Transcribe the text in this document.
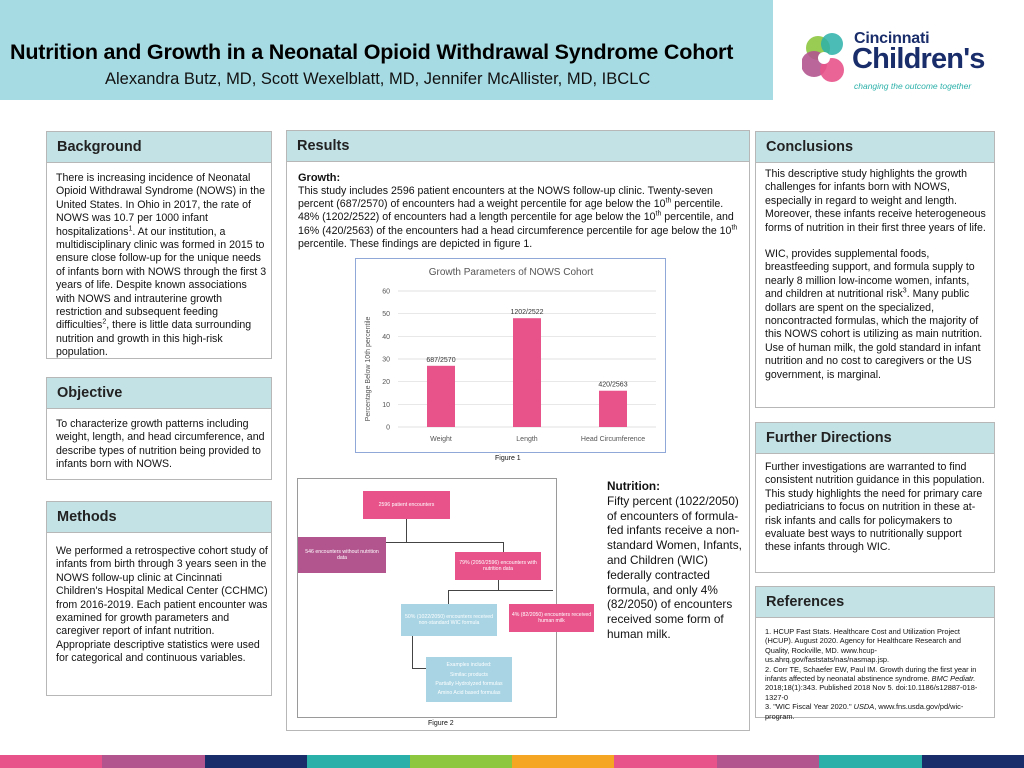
Nutrition and Growth in a Neonatal Opioid Withdrawal Syndrome Cohort
Alexandra Butz, MD, Scott Wexelblatt, MD, Jennifer McAllister, MD, IBCLC
Cincinnati
Children's
changing the outcome together
Background
There is increasing incidence of Neonatal Opioid Withdrawal Syndrome (NOWS) in the United States. In Ohio in 2017, the rate of NOWS was 10.7 per 1000 infant hospitalizations$^1$. At our institution, a multidisciplinary clinic was formed in 2015 to ensure close follow-up for the unique needs of infants born with NOWS through the first 3 years of life. Despite known associations with NOWS and intrauterine growth restriction and subsequent feeding difficulties$^2$, there is little data surrounding nutrition and growth in this high-risk population.
Objective
To characterize growth patterns including weight, length, and head circumference, and describe types of nutrition being provided to infants born with NOWS.
Methods
We performed a retrospective cohort study of infants from birth through 3 years seen in the NOWS follow-up clinic at Cincinnati Children's Hospital Medical Center (CCHMC) from 2016-2019. Each patient encounter was examined for growth parameters and caregiver report of infant nutrition. Appropriate descriptive statistics were used for categorical and continuous variables.
Results
Growth:
This study includes 2596 patient encounters at the NOWS follow-up clinic. Twenty-seven percent (687/2570) of encounters had a weight percentile for age below the 10th percentile. 48% (1202/2522) of encounters had a length percentile for age below the 10th percentile, and 16% (420/2563) of the encounters had a head circumference percentile for age below the 10th percentile. These findings are depicted in figure 1.
Growth Parameters of NOWS Cohort
Percentage Below 10th percentile
0
10
20
30
40
50
60
687/2570
1202/2522
420/2563
Weight	Length	Head Circumference
Figure 1
2596 patient encounters
546 encounters without nutrition data
79% (2050/2596) encounters with nutrition data
50% (1022/2050) encounters received non-standard WIC formula
4% (82/2050) encounters received human milk
Examples included:
Similac products
Partially Hydrolyzed formulas
Amino Acid based formulas
Figure 2
Nutrition:
Fifty percent (1022/2050) of encounters of formula-fed infants receive a non-standard Women, Infants, and Children (WIC) federally contracted formula, and only 4% (82/2050) of encounters received some form of human milk.
Conclusions

This descriptive study highlights the growth challenges for infants born with NOWS, especially in regard to weight and length. Moreover, these infants receive heterogeneous forms of nutrition in their first three years of life.

WIC, provides supplemental foods, breastfeeding support, and formula supply to nearly 8 million low-income women, infants, and children at nutritional risk$^3$. Many public dollars are spent on the specialized, noncontracted formulas, which the majority of this NOWS cohort is utilizing as main nutrition. Use of human milk, the gold standard in infant nutrition and no cost to caregivers or the US government, is marginal.

Further Directions
Further investigations are warranted to find consistent nutrition guidance in this population. This study highlights the need for primary care pediatricians to focus on nutrition in these at-risk infants and calls for policymakers to evaluate best ways to nutritionally support these infants through WIC.
References

1. HCUP Fast Stats. Healthcare Cost and Utilization Project (HCUP). August 2020. Agency for Healthcare Research and Quality, Rockville, MD. www.hcup-us.ahrq.gov/faststats/nas/nasmap.jsp.

2. Corr TE, Schaefer EW, Paul IM. Growth during the first year in infants affected by neonatal abstinence syndrome. BMC Pediatr. 2018;18(1):343. Published 2018 Nov 5. doi:10.1186/s12887-018-1327-0

3. "WIC Fiscal Year 2020." USDA, www.fns.usda.gov/pd/wic-program.
